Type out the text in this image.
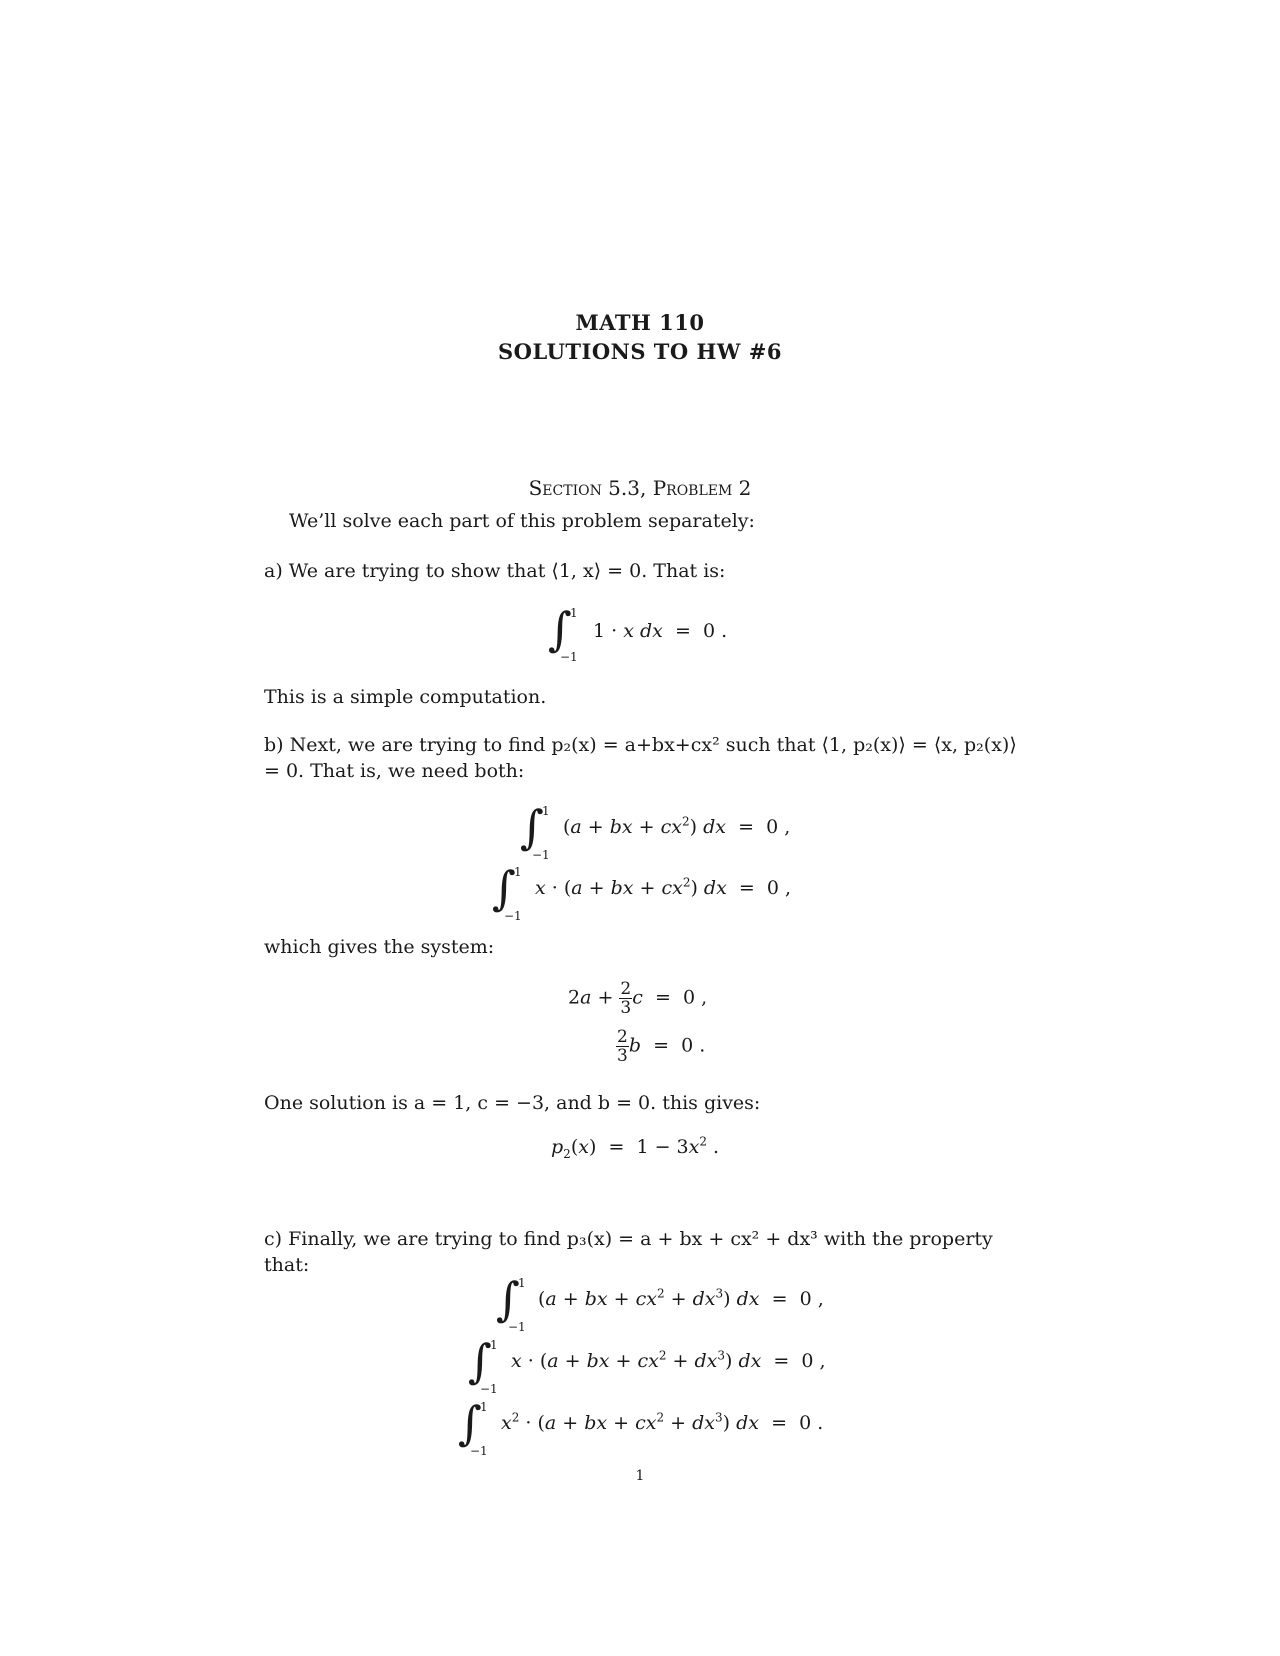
MATH 110
SOLUTIONS TO HW #6
Section 5.3, Problem 2
We’ll solve each part of this problem separately:
a) We are trying to show that ⟨1, x⟩ = 0. That is:
∫
1
−1
1 · x dx  =  0 .
This is a simple computation.
b) Next, we are trying to find p₂(x) = a+bx+cx² such that ⟨1, p₂(x)⟩ = ⟨x, p₂(x)⟩ = 0. That is, we need both:
∫
1
−1
(a + bx + $cx^2$) dx  =  0 ,
∫
1
−1
x · (a + bx + $cx^2$) dx  =  0 ,
which gives the system:
$2a + \frac{2}{3}$ c  =  0 ,
$\frac{2}{3}$ b  =  0 .
One solution is a = 1, c = −3, and b = 0. this gives:
$p_2(x) = 1 - 3x^2$ .
c) Finally, we are trying to find p₃(x) = a + bx + cx² + dx³ with the property that:
∫
1
−1
(a + bx + $cx^2 + dx^3$) dx  =  0 ,
∫
1
−1
x · (a + bx + $cx^2 + dx^3$) dx  =  0 ,
∫
1
−1
$x^2 \cdot (a$ + bx + $cx^2 + dx^3$) dx  =  0 .
1
